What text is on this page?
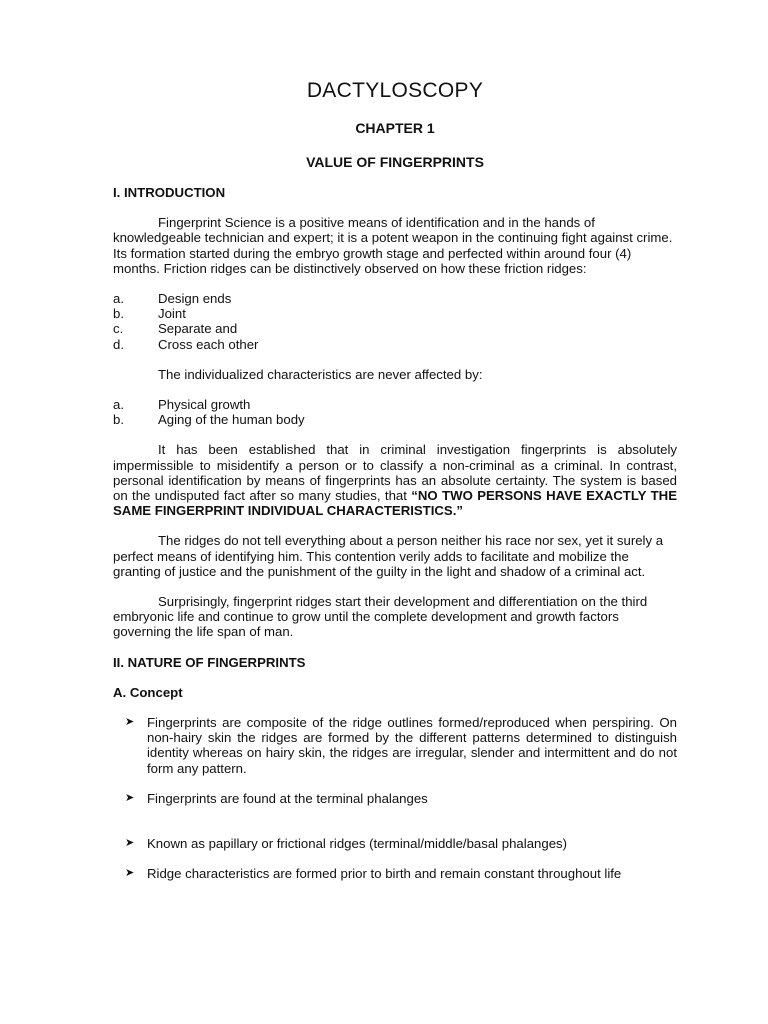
DACTYLOSCOPY
CHAPTER 1
VALUE OF FINGERPRINTS
I. INTRODUCTION

Fingerprint Science is a positive means of identification and in the hands of knowledgeable technician and expert; it is a potent weapon in the continuing fight against crime. Its formation started during the embryo growth stage and perfected within around four (4) months. Friction ridges can be distinctively observed on how these friction ridges:

a.	Design ends
b.	Joint
c.	Separate and
d.	Cross each other

The individualized characteristics are never affected by:

a.	Physical growth
b.	Aging of the human body

It has been established that in criminal investigation fingerprints is absolutely impermissible to misidentify a person or to classify a non-criminal as a criminal. In contrast, personal identification by means of fingerprints has an absolute certainty. The system is based on the undisputed fact after so many studies, that “NO TWO PERSONS HAVE EXACTLY THE SAME FINGERPRINT INDIVIDUAL CHARACTERISTICS.”

The ridges do not tell everything about a person neither his race nor sex, yet it surely a perfect means of identifying him. This contention verily adds to facilitate and mobilize the granting of justice and the punishment of the guilty in the light and shadow of a criminal act.

Surprisingly, fingerprint ridges start their development and differentiation on the third embryonic life and continue to grow until the complete development and growth factors governing the life span of man.

II. NATURE OF FINGERPRINTS
A. Concept
➤ Fingerprints are composite of the ridge outlines formed/reproduced when perspiring. On non-hairy skin the ridges are formed by the different patterns determined to distinguish identity whereas on hairy skin, the ridges are irregular, slender and intermittent and do not form any pattern.
➤ Fingerprints are found at the terminal phalanges
➤ Known as papillary or frictional ridges (terminal/middle/basal phalanges)
➤ Ridge characteristics are formed prior to birth and remain constant throughout life
